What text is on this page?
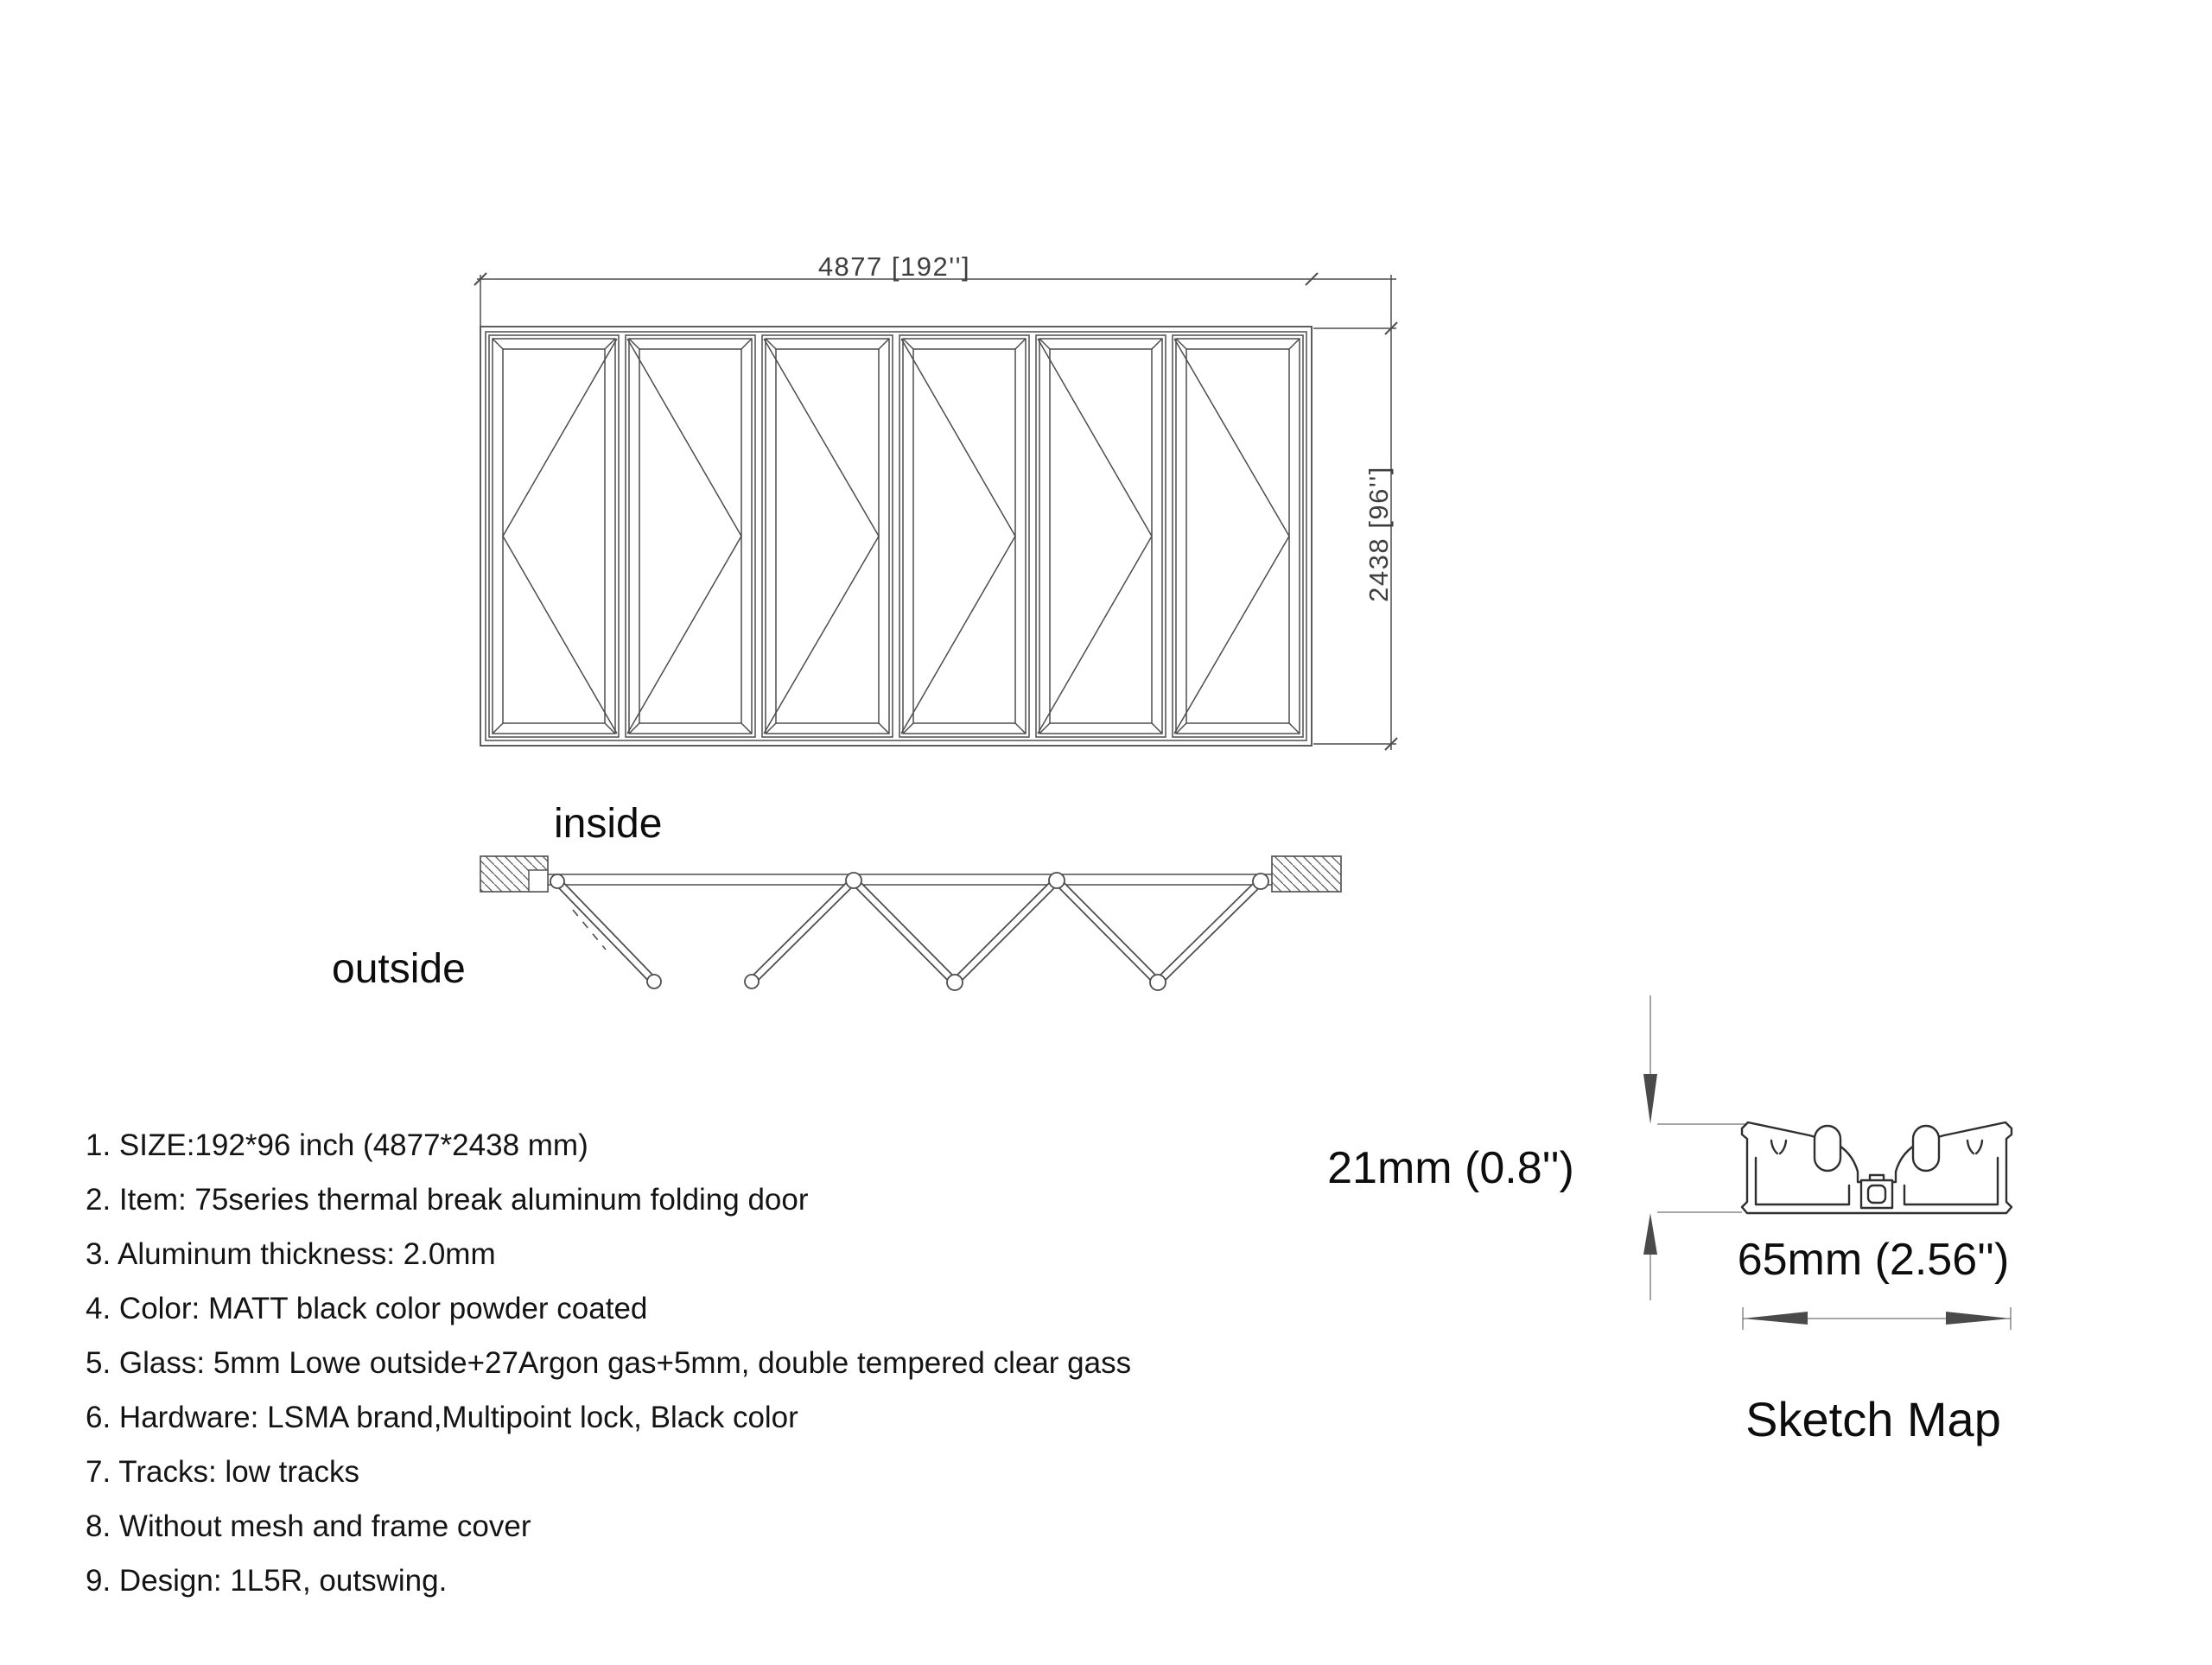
4877 [192'']
2438 [96'']
inside
outside
1. SIZE:192*96 inch (4877*2438 mm)
2. Item: 75series thermal break aluminum folding door
3. Aluminum thickness: 2.0mm
4. Color: MATT black color powder coated
5. Glass: 5mm Lowe outside+27Argon gas+5mm, double tempered clear gass
6. Hardware: LSMA brand,Multipoint lock, Black color
7. Tracks: low tracks
8. Without mesh and frame cover
9. Design: 1L5R, outswing.
21mm (0.8'')
65mm (2.56'')
Sketch Map
